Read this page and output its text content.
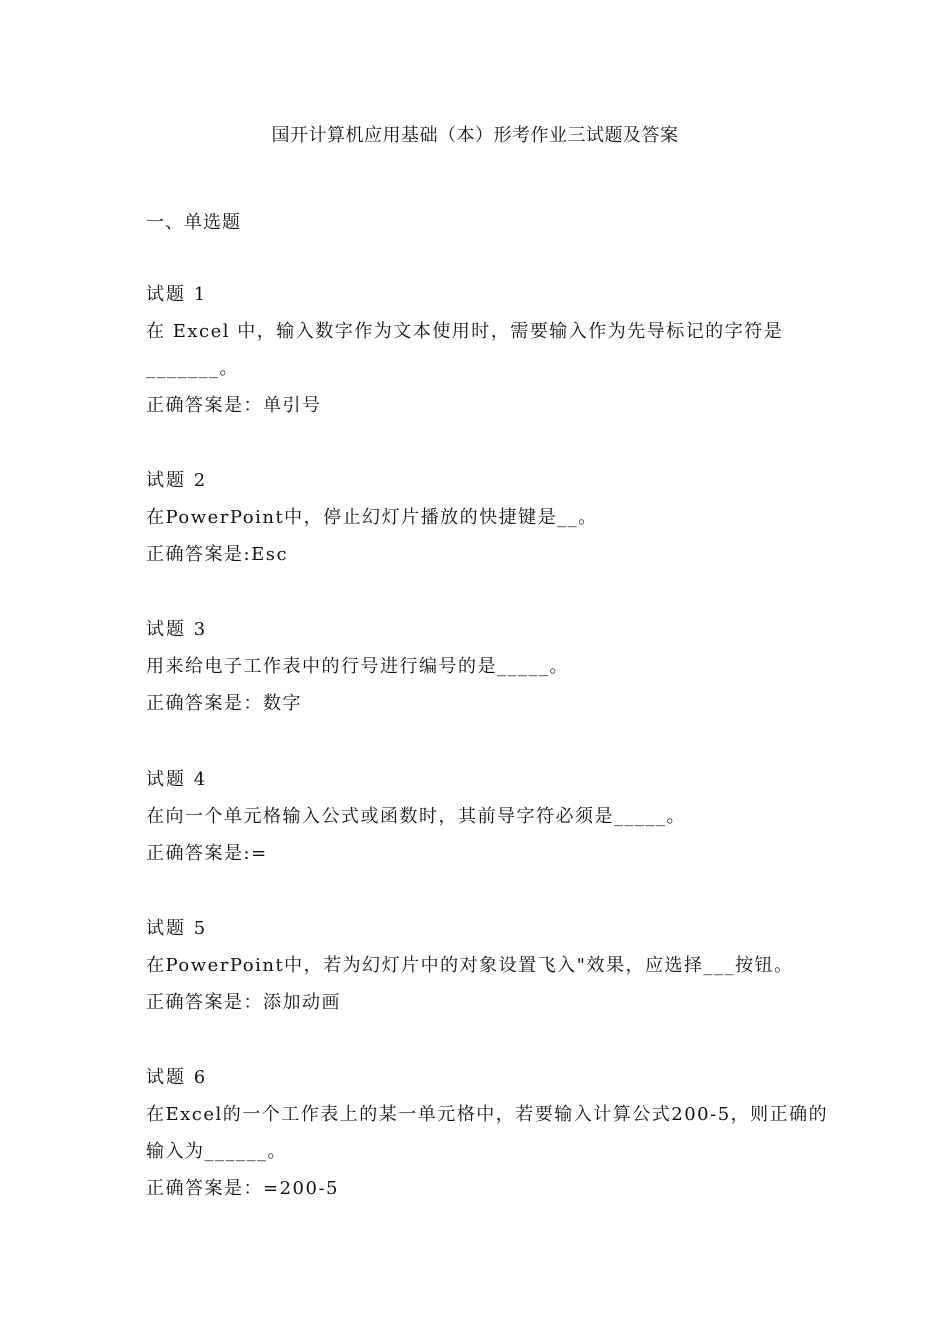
国开计算机应用基础（本）形考作业三试题及答案
一、单选题
试题 1
在 Excel 中，输入数字作为文本使用时，需要输入作为先导标记的字符是
_______。
正确答案是：单引号
试题 2
在PowerPoint中，停止幻灯片播放的快捷键是__。
正确答案是:Esc
试题 3
用来给电子工作表中的行号进行编号的是_____。
正确答案是：数字
试题 4
在向一个单元格输入公式或函数时，其前导字符必须是_____。
正确答案是:=
试题 5
在PowerPoint中，若为幻灯片中的对象设置飞入"效果，应选择___按钮。
正确答案是：添加动画
试题 6
在Excel的一个工作表上的某一单元格中，若要输入计算公式200-5，则正确的
输入为______。
正确答案是：=200-5
